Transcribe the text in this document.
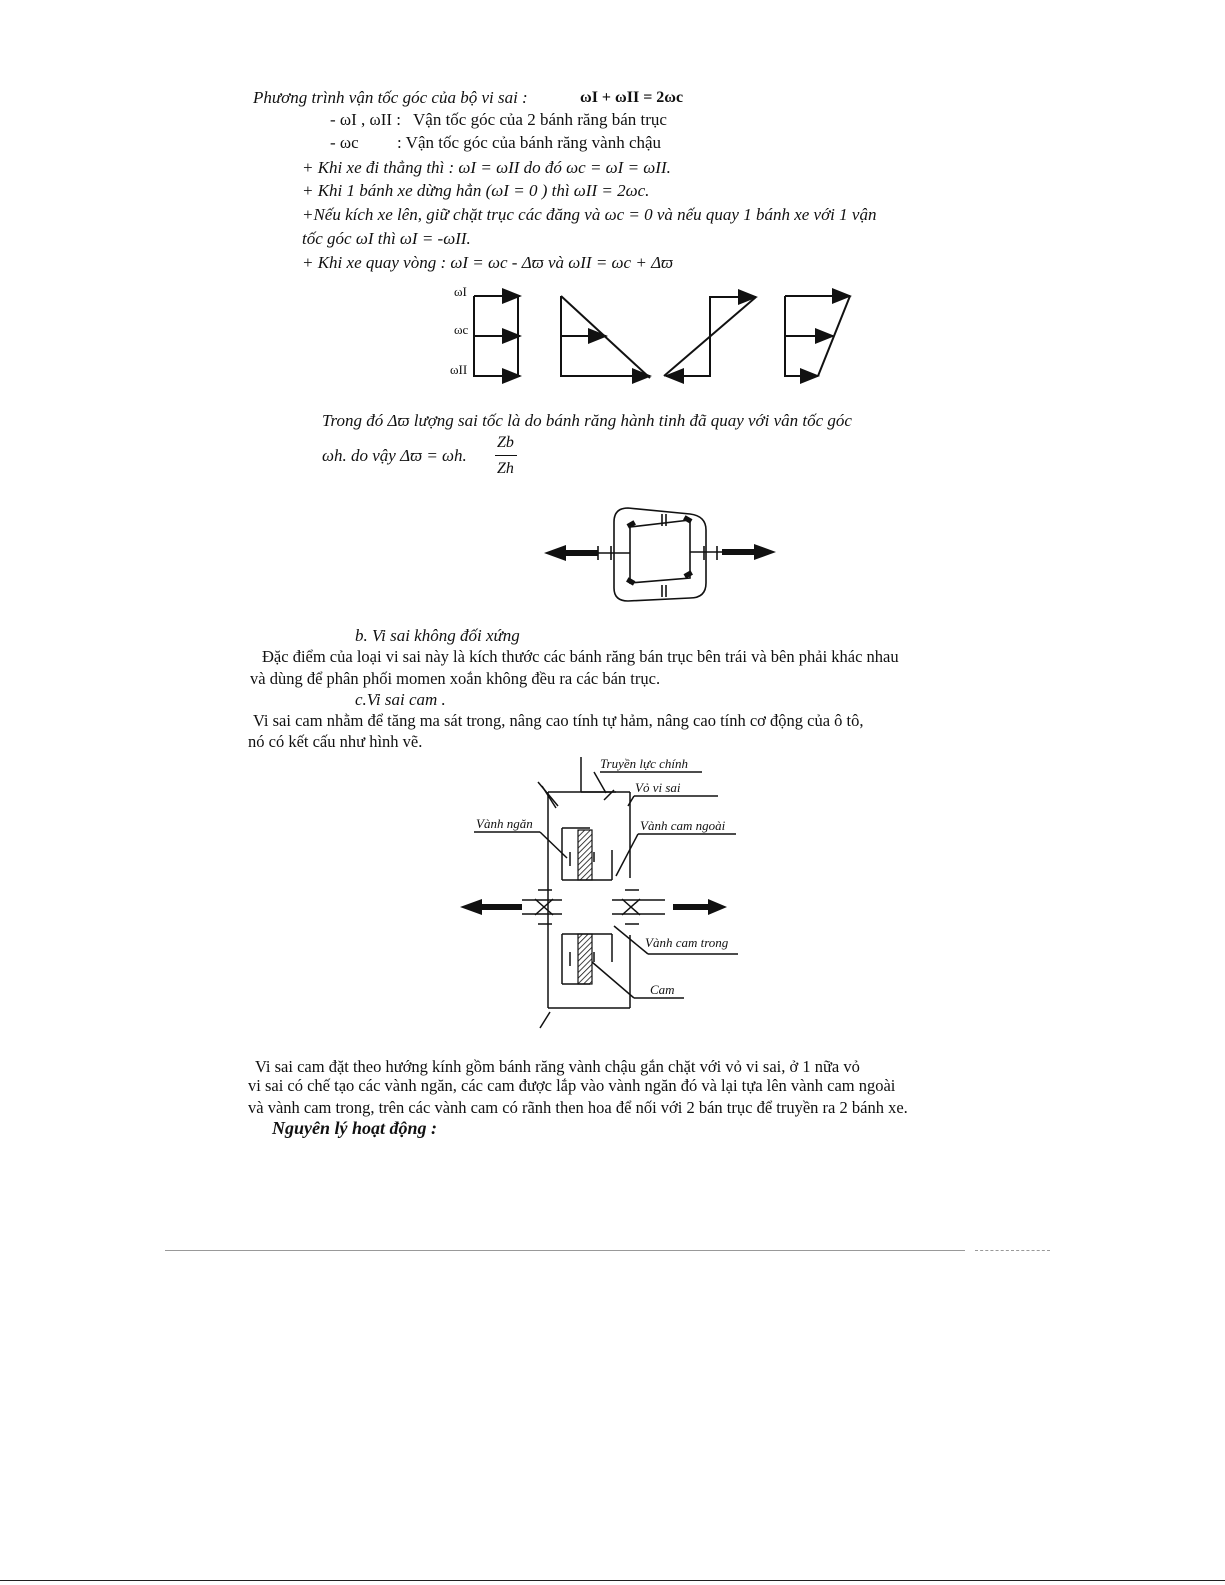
Phương trình vận tốc góc của bộ vi sai :	ωI + ωII = 2ωc
- ωI , ωII : Vận tốc góc của 2 bánh răng bán trục
- ωc : Vận tốc góc của bánh răng vành chậu
+ Khi xe đi thẳng thì : ωI = ωII do đó ωc = ωI = ωII.
+ Khi 1 bánh xe dừng hẳn (ωI = 0 ) thì ωII = 2ωc.
+Nếu kích xe lên, giữ chặt trục các đăng và ωc = 0 và nếu quay 1 bánh xe với 1 vận
tốc góc ωI thì ωI = -ωII.
+ Khi xe quay vòng : ωI = ωc - Δϖ và ωII = ωc + Δϖ
ωI
ωc
ωII
Trong đó Δϖ lượng sai tốc là do bánh răng hành tinh đã quay với vân tốc góc
ωh. do vậy Δϖ = ωh.
Zb
Zh
b. Vi sai không đối xứng
Đặc điểm của loại vi sai này là kích thước các bánh răng bán trục bên trái và bên phải khác nhau
và dùng để phân phối momen xoắn không đều ra các bán trục.
c.Vi sai cam .
Vi sai cam nhằm để tăng ma sát trong, nâng cao tính tự hảm, nâng cao tính cơ động của ô tô,
nó có kết cấu như hình vẽ.
Truyền lực chính
Vỏ vi sai
Vành ngăn	Vành cam ngoài
Vành cam trong
Cam
Vi sai cam đặt theo hướng kính gồm bánh răng vành chậu gắn chặt với vỏ vi sai, ở 1 nữa vỏ
vi sai có chế tạo các vành ngăn, các cam được lắp vào vành ngăn đó và lại tựa lên vành cam ngoài
và vành cam trong, trên các vành cam có rãnh then hoa để nối với 2 bán trục để truyền ra 2 bánh xe.
Nguyên lý hoạt động :
